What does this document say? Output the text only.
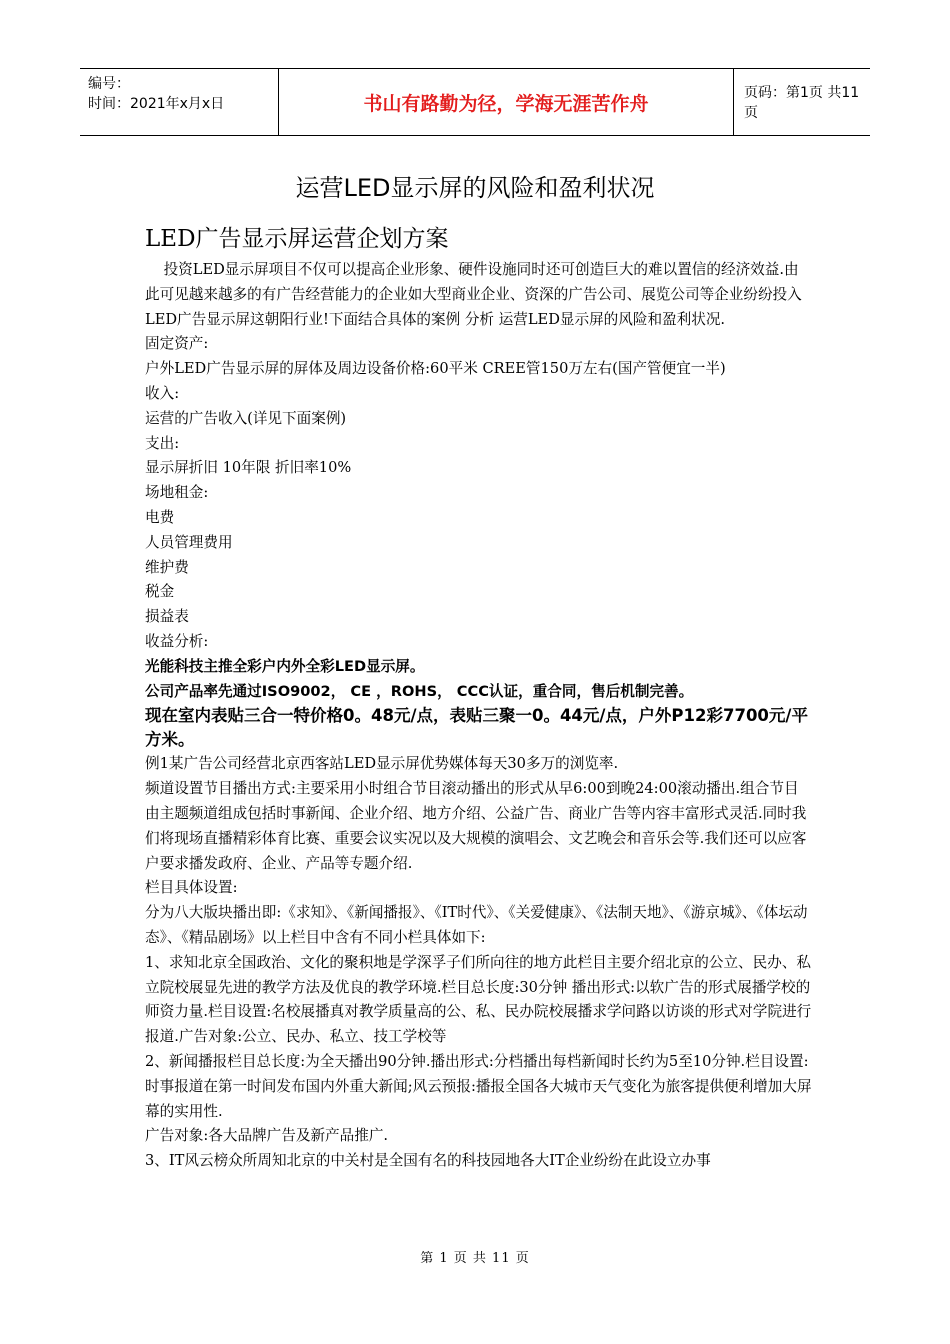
编号：
时间：2021年x月x日	书山有路勤为径，学海无涯苦作舟	页码：第1页 共11页
运营LED显示屏的风险和盈利状况
LED广告显示屏运营企划方案

投资LED显示屏项目不仅可以提高企业形象、硬件设施同时还可创造巨大的难以置信的经济效益.由此可见越来越多的有广告经营能力的企业如大型商业企业、资深的广告公司、展览公司等企业纷纷投入LED广告显示屏这朝阳行业!下面结合具体的案例 分析 运营LED显示屏的风险和盈利状况.

固定资产:

户外LED广告显示屏的屏体及周边设备价格:60平米 CREE管150万左右(国产管便宜一半)

收入:

运营的广告收入(详见下面案例)

支出:

显示屏折旧 10年限 折旧率10%

场地租金:

电费

人员管理费用

维护费

税金

损益表

收益分析:

光能科技主推全彩户内外全彩LED显示屏。

公司产品率先通过ISO9002， CE ，ROHS， CCC认证，重合同，售后机制完善。

现在室内表贴三合一特价格0。48元/点，表贴三聚一0。44元/点，户外P12彩7700元/平方米。

例1某广告公司经营北京西客站LED显示屏优势媒体每天30多万的浏览率.

频道设置节目播出方式:主要采用小时组合节目滚动播出的形式从早6:00到晚24:00滚动播出.组合节目由主题频道组成包括时事新闻、企业介绍、地方介绍、公益广告、商业广告等内容丰富形式灵活.同时我们将现场直播精彩体育比赛、重要会议实况以及大规模的演唱会、文艺晚会和音乐会等.我们还可以应客户要求播发政府、企业、产品等专题介绍.

栏目具体设置:

分为八大版块播出即:《求知》、《新闻播报》、《IT时代》、《关爱健康》、《法制天地》、《游京城》、《体坛动态》、《精品剧场》以上栏目中含有不同小栏具体如下:

1、求知北京全国政治、文化的聚积地是学深孚子们所向往的地方此栏目主要介绍北京的公立、民办、私立院校展显先进的教学方法及优良的教学环境.栏目总长度:30分钟 播出形式:以软广告的形式展播学校的师资力量.栏目设置:名校展播真对教学质量高的公、私、民办院校展播求学问路以访谈的形式对学院进行报道.广告对象:公立、民办、私立、技工学校等

2、新闻播报栏目总长度:为全天播出90分钟.播出形式:分档播出每档新闻时长约为5至10分钟.栏目设置:时事报道在第一时间发布国内外重大新闻;风云预报:播报全国各大城市天气变化为旅客提供便利增加大屏幕的实用性.

广告对象:各大品牌广告及新产品推广.

3、IT风云榜众所周知北京的中关村是全国有名的科技园地各大IT企业纷纷在此设立办事

第 1 页 共 11 页
